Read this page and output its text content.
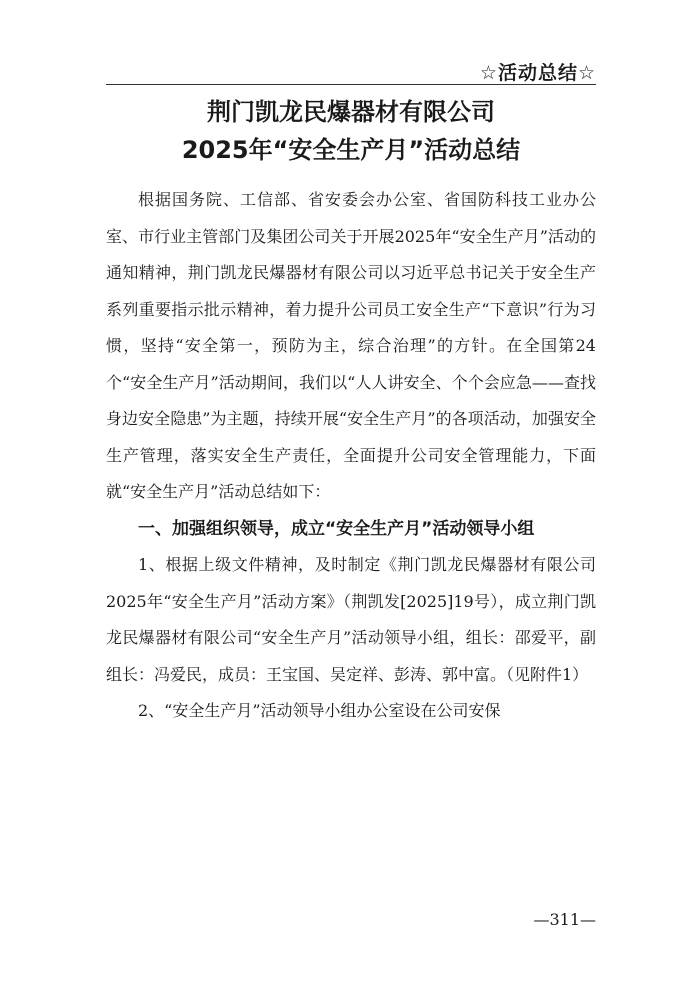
☆活动总结☆
荆门凯龙民爆器材有限公司
2025年“安全生产月”活动总结

根据国务院、工信部、省安委会办公室、省国防科技工业办公室、市行业主管部门及集团公司关于开展2025年“安全生产月”活动的通知精神，荆门凯龙民爆器材有限公司以习近平总书记关于安全生产系列重要指示批示精神，着力提升公司员工安全生产“下意识”行为习惯，坚持“安全第一，预防为主，综合治理”的方针。在全国第24个“安全生产月”活动期间，我们以“人人讲安全、个个会应急——查找身边安全隐患”为主题，持续开展“安全生产月”的各项活动，加强安全生产管理，落实安全生产责任，全面提升公司安全管理能力，下面就“安全生产月”活动总结如下：

一、加强组织领导，成立“安全生产月”活动领导小组

1、根据上级文件精神，及时制定《荆门凯龙民爆器材有限公司2025年“安全生产月”活动方案》（荆凯发[2025]19号），成立荆门凯龙民爆器材有限公司“安全生产月”活动领导小组，组长：邵爱平，副组长：冯爱民，成员：王宝国、吴定祥、彭涛、郭中富。（见附件1）

2、“安全生产月”活动领导小组办公室设在公司安保

—311—
